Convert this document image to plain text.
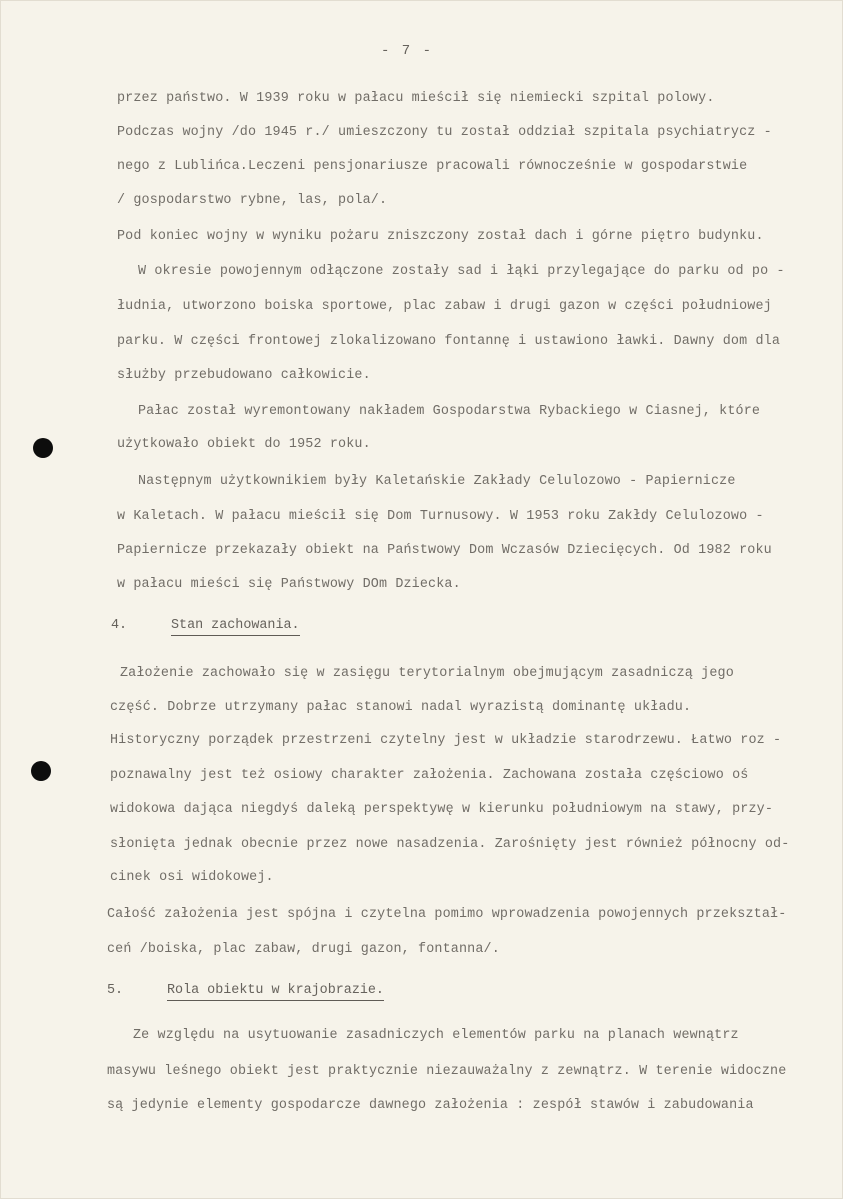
- 7 -
przez państwo. W 1939 roku w pałacu mieścił się niemiecki szpital polowy.
Podczas wojny /do 1945 r./ umieszczony tu został oddział szpitala psychiatrycz -
nego z Lublińca.Leczeni pensjonariusze pracowali równocześnie w gospodarstwie
/ gospodarstwo rybne, las, pola/.
Pod koniec wojny w wyniku pożaru zniszczony został dach i górne piętro budynku.
W okresie powojennym odłączone zostały sad i łąki przylegające do parku od po -
łudnia, utworzono boiska sportowe, plac zabaw i drugi gazon w części południowej
parku. W części frontowej zlokalizowano fontannę i ustawiono ławki. Dawny dom dla
służby przebudowano całkowicie.
Pałac został wyremontowany nakładem Gospodarstwa Rybackiego w Ciasnej, które
użytkowało obiekt do 1952 roku.
Następnym użytkownikiem były Kaletańskie Zakłady Celulozowo - Papiernicze
w Kaletach. W pałacu mieścił się Dom Turnusowy. W 1953 roku Zakłdy Celulozowo -
Papiernicze przekazały obiekt na Państwowy Dom Wczasów Dziecięcych. Od 1982 roku
w pałacu mieści się Państwowy DOm Dziecka.
4.	Stan zachowania.
Założenie zachowało się w zasięgu terytorialnym obejmującym zasadniczą jego
część. Dobrze utrzymany pałac stanowi nadal wyrazistą dominantę układu.
Historyczny porządek przestrzeni czytelny jest w układzie starodrzewu. Łatwo roz -
poznawalny jest też osiowy charakter założenia. Zachowana została częściowo oś
widokowa dająca niegdyś daleką perspektywę w kierunku południowym na stawy, przy-
słonięta jednak obecnie przez nowe nasadzenia. Zarośnięty jest również północny od-
cinek osi widokowej.
Całość założenia jest spójna i czytelna pomimo wprowadzenia powojennych przekształ-
ceń /boiska, plac zabaw, drugi gazon, fontanna/.
5.	Rola obiektu w krajobrazie.
Ze względu na usytuowanie zasadniczych elementów parku na planach wewnątrz
masywu leśnego obiekt jest praktycznie niezauważalny z zewnątrz. W terenie widoczne
są jedynie elementy gospodarcze dawnego założenia : zespół stawów i zabudowania
